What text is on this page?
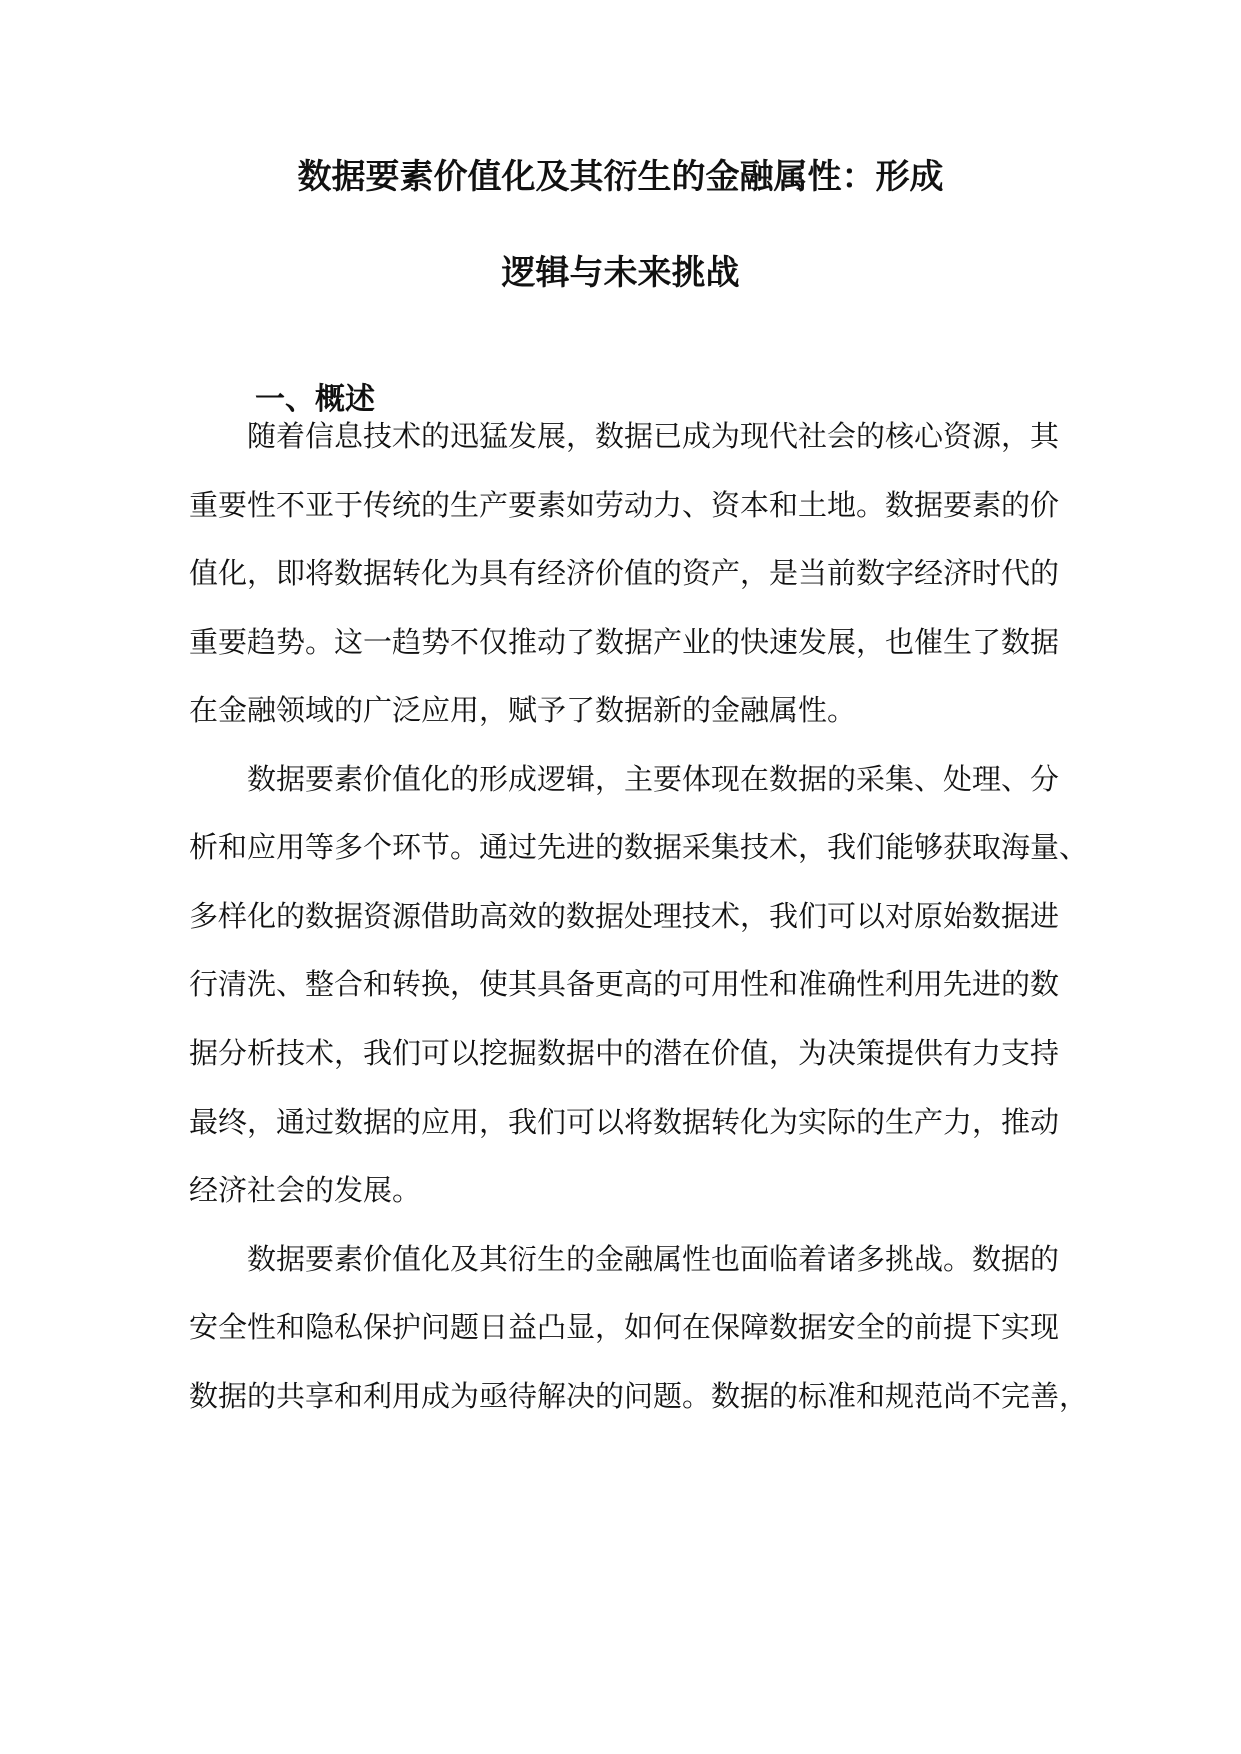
数据要素价值化及其衍生的金融属性：形成
逻辑与未来挑战
一、概述
随着信息技术的迅猛发展，数据已成为现代社会的核心资源，其
重要性不亚于传统的生产要素如劳动力、资本和土地。数据要素的价
值化，即将数据转化为具有经济价值的资产，是当前数字经济时代的
重要趋势。这一趋势不仅推动了数据产业的快速发展，也催生了数据
在金融领域的广泛应用，赋予了数据新的金融属性。
数据要素价值化的形成逻辑，主要体现在数据的采集、处理、分
析和应用等多个环节。通过先进的数据采集技术，我们能够获取海量、
多样化的数据资源借助高效的数据处理技术，我们可以对原始数据进
行清洗、整合和转换，使其具备更高的可用性和准确性利用先进的数
据分析技术，我们可以挖掘数据中的潜在价值，为决策提供有力支持
最终，通过数据的应用，我们可以将数据转化为实际的生产力，推动
经济社会的发展。
数据要素价值化及其衍生的金融属性也面临着诸多挑战。数据的
安全性和隐私保护问题日益凸显，如何在保障数据安全的前提下实现
数据的共享和利用成为亟待解决的问题。数据的标准和规范尚不完善，
